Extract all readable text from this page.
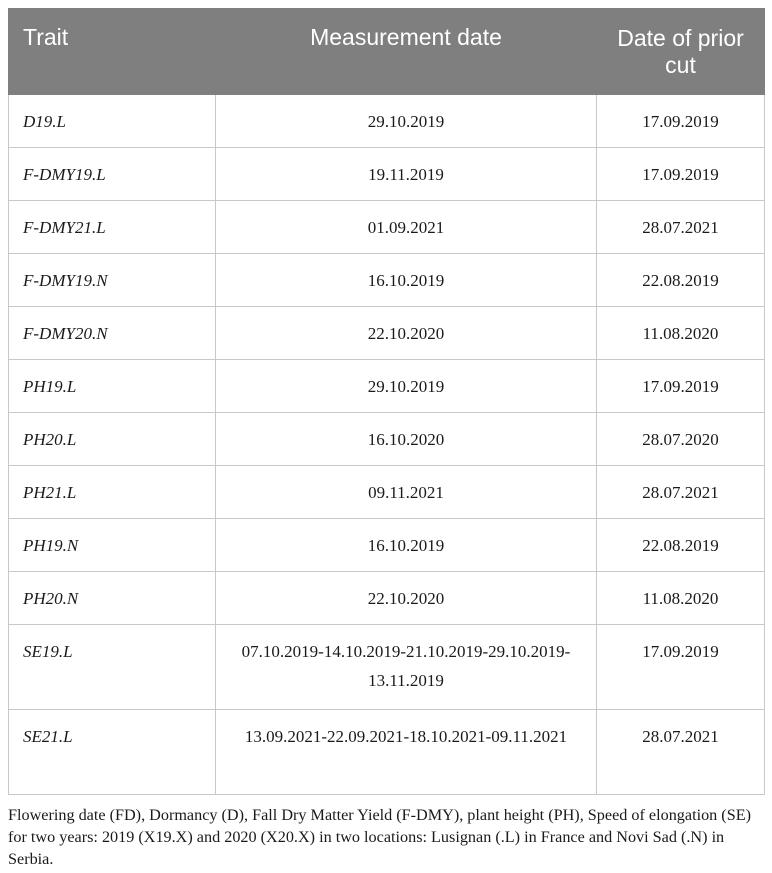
Trait	Measurement date	Date of prior cut
D19.L	29.10.2019	17.09.2019
F-DMY19.L	19.11.2019	17.09.2019
F-DMY21.L	01.09.2021	28.07.2021
F-DMY19.N	16.10.2019	22.08.2019
F-DMY20.N	22.10.2020	11.08.2020
PH19.L	29.10.2019	17.09.2019
PH20.L	16.10.2020	28.07.2020
PH21.L	09.11.2021	28.07.2021
PH19.N	16.10.2019	22.08.2019
PH20.N	22.10.2020	11.08.2020
SE19.L	07.10.2019-14.10.2019-21.10.2019-29.10.2019-13.11.2019	17.09.2019
SE21.L	13.09.2021-22.09.2021-18.10.2021-09.11.2021	28.07.2021

Flowering date (FD), Dormancy (D), Fall Dry Matter Yield (F-DMY), plant height (PH), Speed of elongation (SE) for two years: 2019 (X19.X) and 2020 (X20.X) in two locations: Lusignan (.L) in France and Novi Sad (.N) in Serbia.
